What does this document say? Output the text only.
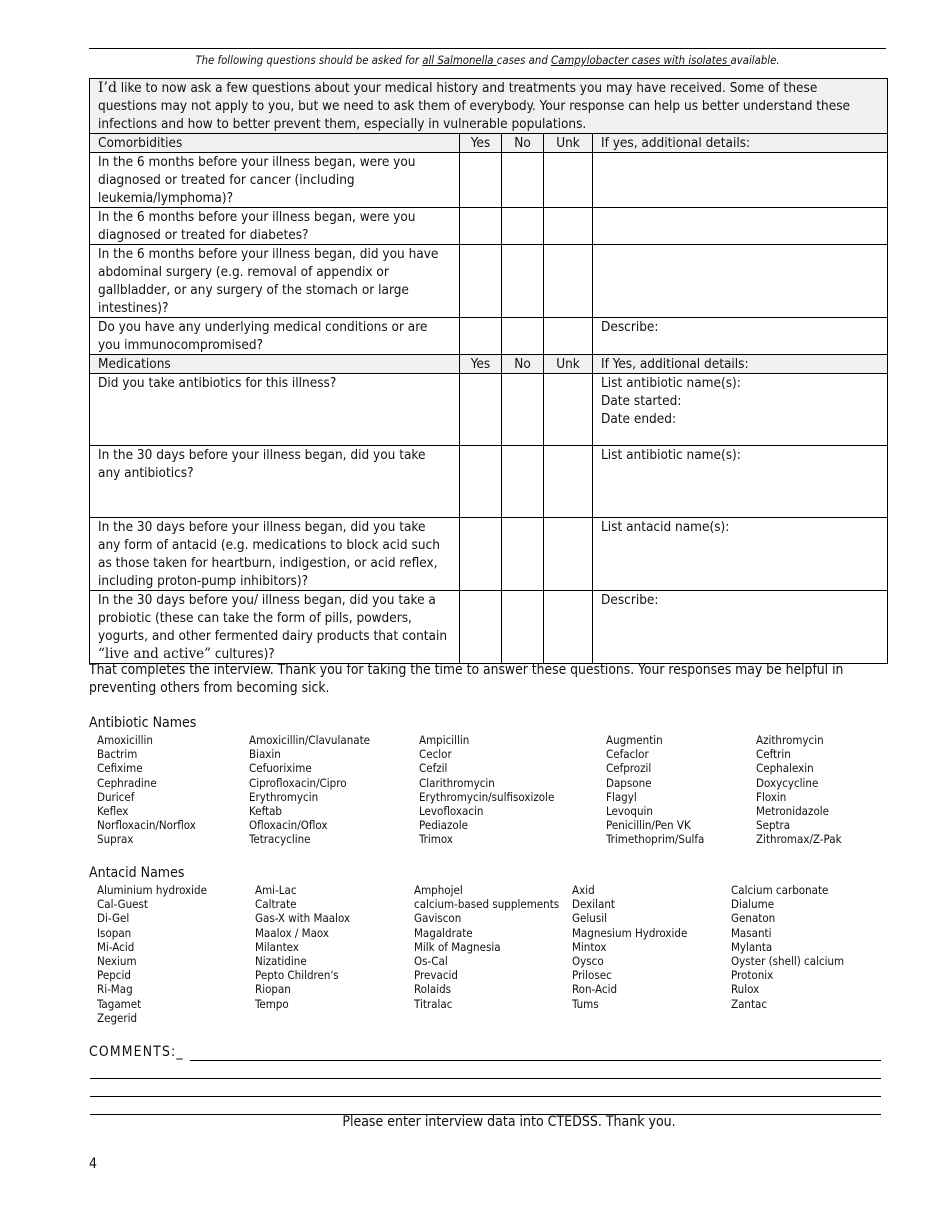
The following questions should be asked for all Salmonella cases and Campylobacter cases with isolates available.
I’d like to now ask a few questions about your medical history and treatments you may have received. Some of these questions may not apply to you, but we need to ask them of everybody. Your response can help us better understand these infections and how to better prevent them, especially in vulnerable populations.				
Comorbidities	Yes	No	Unk	If yes, additional details:
In the 6 months before your illness began, were you diagnosed or treated for cancer (including leukemia/lymphoma)?				
In the 6 months before your illness began, were you diagnosed or treated for diabetes?				
In the 6 months before your illness began, did you have abdominal surgery (e.g. removal of appendix or gallbladder, or any surgery of the stomach or large intestines)?				
Do you have any underlying medical conditions or are you immunocompromised?				Describe:
Medications	Yes	No	Unk	If Yes, additional details:
Did you take antibiotics for this illness?				List antibiotic name(s):
Date started:
Date ended:

In the 30 days before your illness began, did you take any antibiotics?				List antibiotic name(s):

In the 30 days before your illness began, did you take any form of antacid (e.g. medications to block acid such as those taken for heartburn, indigestion, or acid reflex, including proton-pump inhibitors)?				List antacid name(s):

In the 30 days before you/ illness began, did you take a probiotic (these can take the form of pills, powders, yogurts, and other fermented dairy products that contain “live and active” cultures)?				Describe:
That completes the interview. Thank you for taking the time to answer these questions. Your responses may be helpful in preventing others from becoming sick.
Antibiotic Names
Amoxicillin	Amoxicillin/Clavulanate	Ampicillin	Augmentin	Azithromycin
Bactrim	Biaxin	Ceclor	Cefaclor	Ceftrin
Cefixime	Cefuorixime	Cefzil	Cefprozil	Cephalexin
Cephradine	Ciprofloxacin/Cipro	Clarithromycin	Dapsone	Doxycycline
Duricef	Erythromycin	Erythromycin/sulfisoxizole	Flagyl	Floxin
Keflex	Keftab	Levofloxacin	Levoquin	Metronidazole
Norfloxacin/Norflox	Ofloxacin/Oflox	Pediazole	Penicillin/Pen VK	Septra
Suprax	Tetracycline	Trimox	Trimethoprim/Sulfa	Zithromax/Z-Pak
Antacid Names
Aluminium hydroxide	Ami-Lac	Amphojel	Axid	Calcium carbonate
Cal-Guest	Caltrate	calcium-based supplements	Dexilant	Dialume
Di-Gel	Gas-X with Maalox	Gaviscon	Gelusil	Genaton
Isopan	Maalox / Maox	Magaldrate	Magnesium Hydroxide	Masanti
Mi-Acid	Milantex	Milk of Magnesia	Mintox	Mylanta
Nexium	Nizatidine	Os-Cal	Oysco	Oyster (shell) calcium
Pepcid	Pepto Children's	Prevacid	Prilosec	Protonix
Ri-Mag	Riopan	Rolaids	Ron-Acid	Rulox
Tagamet	Tempo	Titralac	Tums	Zantac
Zegerid
COMMENTS:_
Please enter interview data into CTEDSS. Thank you.
4
